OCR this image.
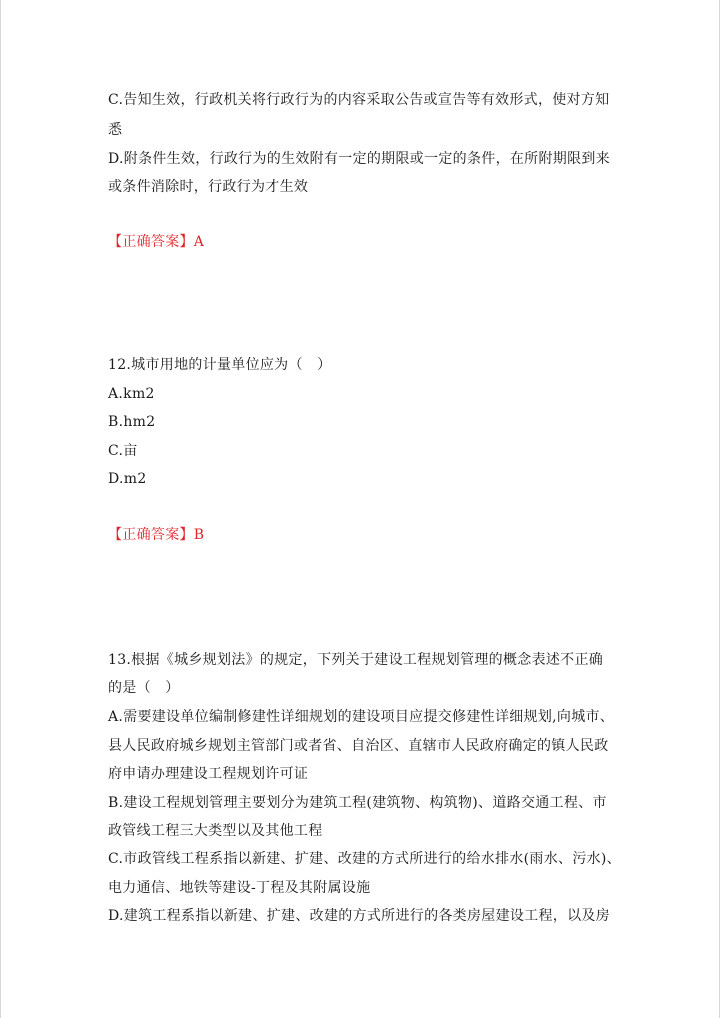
C.告知生效，行政机关将行政行为的内容采取公告或宣告等有效形式，使对方知
悉
D.附条件生效，行政行为的生效附有一定的期限或一定的条件，在所附期限到来
或条件消除时，行政行为才生效
【正确答案】A
12.城市用地的计量单位应为（　）
A.km2
B.hm2
C.亩
D.m2
【正确答案】B
13.根据《城乡规划法》的规定，下列关于建设工程规划管理的概念表述不正确
的是（　）
A.需要建设单位编制修建性详细规划的建设项目应提交修建性详细规划,向城市、
县人民政府城乡规划主管部门或者省、自治区、直辖市人民政府确定的镇人民政
府申请办理建设工程规划许可证
B.建设工程规划管理主要划分为建筑工程(建筑物、构筑物)、道路交通工程、市
政管线工程三大类型以及其他工程
C.市政管线工程系指以新建、扩建、改建的方式所进行的给水排水(雨水、污水)、
电力通信、地铁等建设-丁程及其附属设施
D.建筑工程系指以新建、扩建、改建的方式所进行的各类房屋建设工程，以及房
